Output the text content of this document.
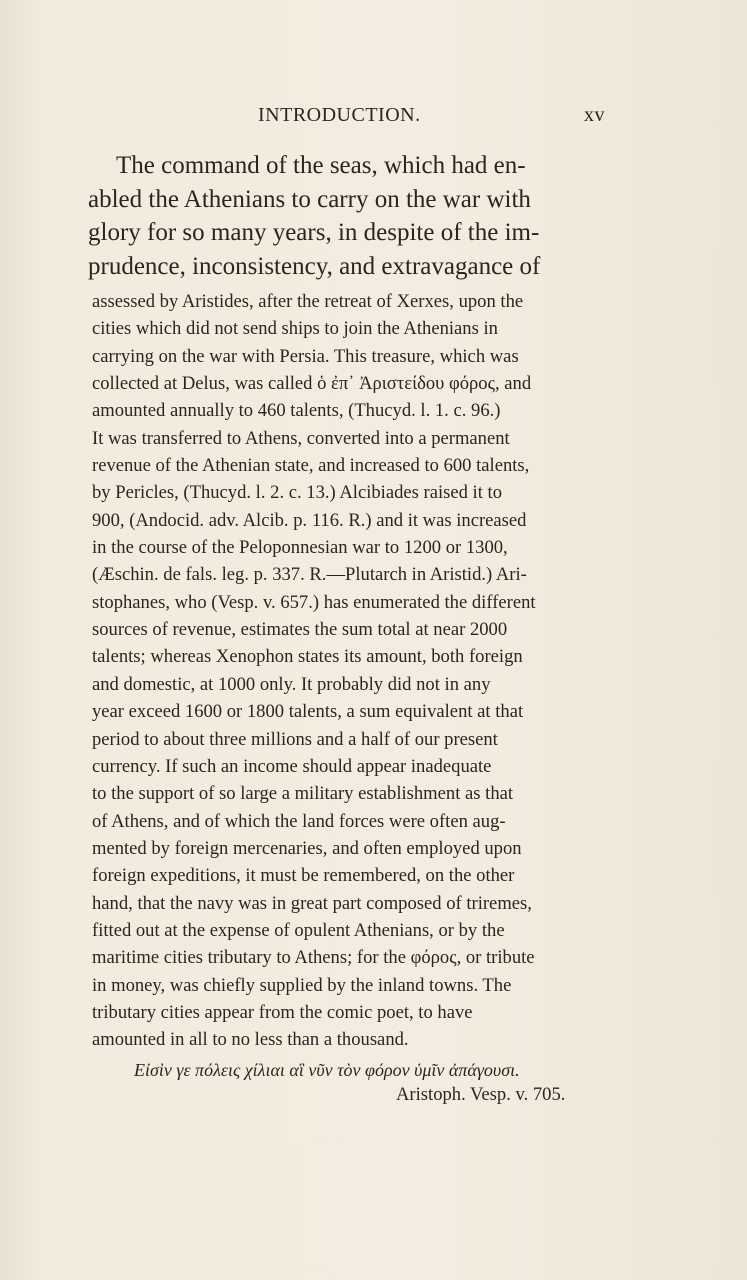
INTRODUCTION.	xv
The command of the seas, which had en-
abled the Athenians to carry on the war with
glory for so many years, in despite of the im-
prudence, inconsistency, and extravagance of
assessed by Aristides, after the retreat of Xerxes, upon the
cities which did not send ships to join the Athenians in
carrying on the war with Persia. This treasure, which was
collected at Delus, was called ὁ ἐπ᾽ Ἀριστείδου φόρος, and
amounted annually to 460 talents, (Thucyd. l. 1. c. 96.)
It was transferred to Athens, converted into a permanent
revenue of the Athenian state, and increased to 600 talents,
by Pericles, (Thucyd. l. 2. c. 13.) Alcibiades raised it to
900, (Andocid. adv. Alcib. p. 116. R.) and it was increased
in the course of the Peloponnesian war to 1200 or 1300,
(Æschin. de fals. leg. p. 337. R.—Plutarch in Aristid.) Ari-
stophanes, who (Vesp. v. 657.) has enumerated the different
sources of revenue, estimates the sum total at near 2000
talents; whereas Xenophon states its amount, both foreign
and domestic, at 1000 only. It probably did not in any
year exceed 1600 or 1800 talents, a sum equivalent at that
period to about three millions and a half of our present
currency. If such an income should appear inadequate
to the support of so large a military establishment as that
of Athens, and of which the land forces were often aug-
mented by foreign mercenaries, and often employed upon
foreign expeditions, it must be remembered, on the other
hand, that the navy was in great part composed of triremes,
fitted out at the expense of opulent Athenians, or by the
maritime cities tributary to Athens; for the φόρος, or tribute
in money, was chiefly supplied by the inland towns. The
tributary cities appear from the comic poet, to have
amounted in all to no less than a thousand.
Εἰσὶν γε πόλεις χίλιαι αἳ νῦν τὸν φόρον ὑμῖν ἀπάγουσι.
Aristoph. Vesp. v. 705.
